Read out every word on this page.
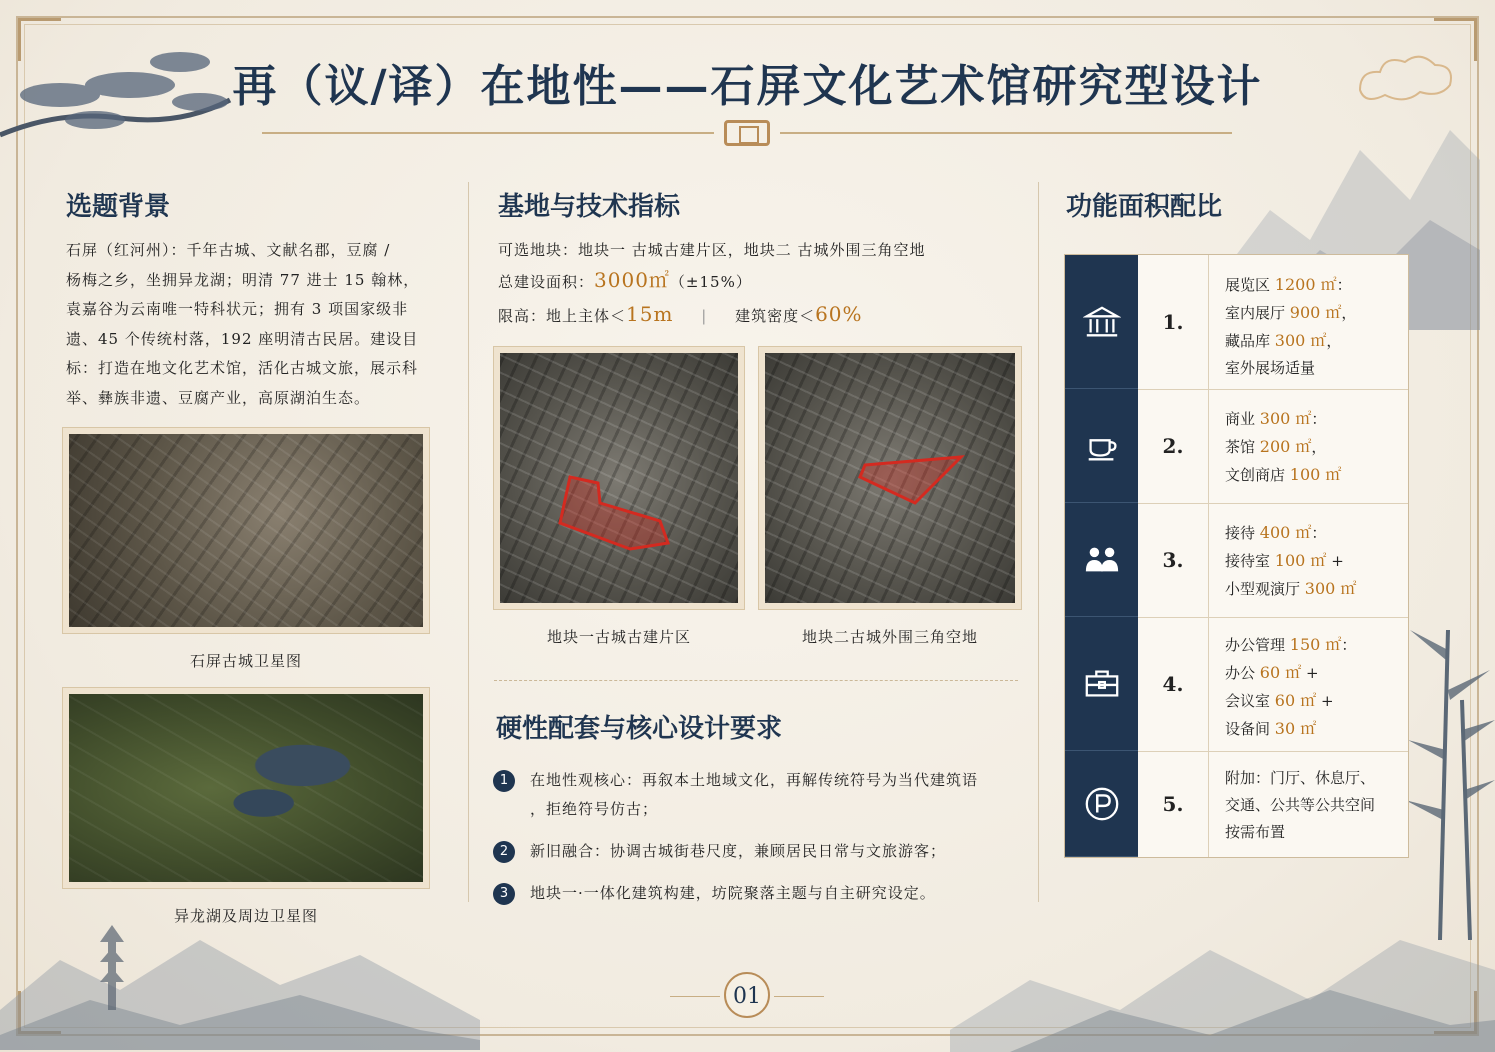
再（议/译）在地性——石屏文化艺术馆研究型设计
选题背景
石屏（红河州）：千年古城、文献名郡，豆腐 /
杨梅之乡，坐拥异龙湖；明清 77 进士 15 翰林，
袁嘉谷为云南唯一特科状元；拥有 3 项国家级非
遗、45 个传统村落，192 座明清古民居。建设目
标：打造在地文化艺术馆，活化古城文旅，展示科
举、彝族非遗、豆腐产业，高原湖泊生态。
石屏古城卫星图
异龙湖及周边卫星图
基地与技术指标
可选地块：地块一 古城古建片区，地块二 古城外围三角空地
总建设面积：3000㎡（±15%）
限高：地上主体＜15m | 建筑密度＜60%
地块一古城古建片区	地块二古城外围三角空地
硬性配套与核心设计要求
1	在地性观核心：再叙本土地域文化，再解传统符号为当代建筑语
，拒绝符号仿古；
2	新旧融合：协调古城街巷尺度，兼顾居民日常与文旅游客；
3	地块一·一体化建筑构建，坊院聚落主题与自主研究设定。
功能面积配比
1.
展览区 1200 ㎡：
室内展厅 900 ㎡，
藏品库 300 ㎡，
室外展场适量
2.
商业 300 ㎡：
茶馆 200 ㎡，
文创商店 100 ㎡
3.
接待 400 ㎡：
接待室 100 ㎡ +
小型观演厅 300 ㎡
4.
办公管理 150 ㎡：
办公 60 ㎡ +
会议室 60 ㎡ +
设备间 30 ㎡
5.
附加：门厅、休息厅、
交通、公共等公共空间
按需布置
01
